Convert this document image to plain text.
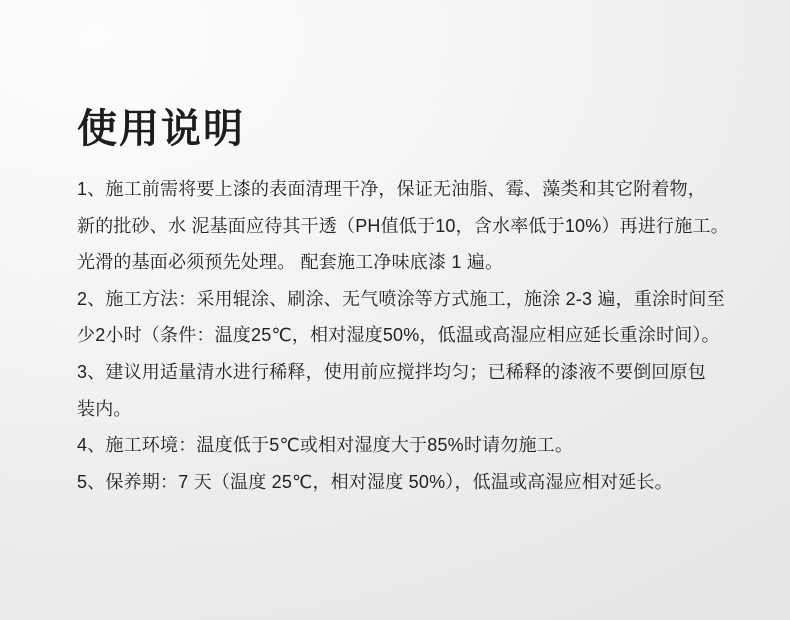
使用说明

1、施工前需将要上漆的表面清理干净，保证无油脂、霉、藻类和其它附着物，

新的批砂、水 泥基面应待其干透（PH值低于10，含水率低于10%）再进行施工。

光滑的基面必须预先处理。 配套施工净味底漆 1 遍。

2、施工方法：采用辊涂、刷涂、无气喷涂等方式施工，施涂 2-3 遍，重涂时间至

少2小时（条件：温度25℃，相对湿度50%，低温或高湿应相应延长重涂时间）。

3、建议用适量清水进行稀释，使用前应搅拌均匀；已稀释的漆液不要倒回原包

装内。

4、施工环境：温度低于5℃或相对湿度大于85%时请勿施工。

5、保养期：7 天（温度 25℃，相对湿度 50%），低温或高湿应相对延长。
